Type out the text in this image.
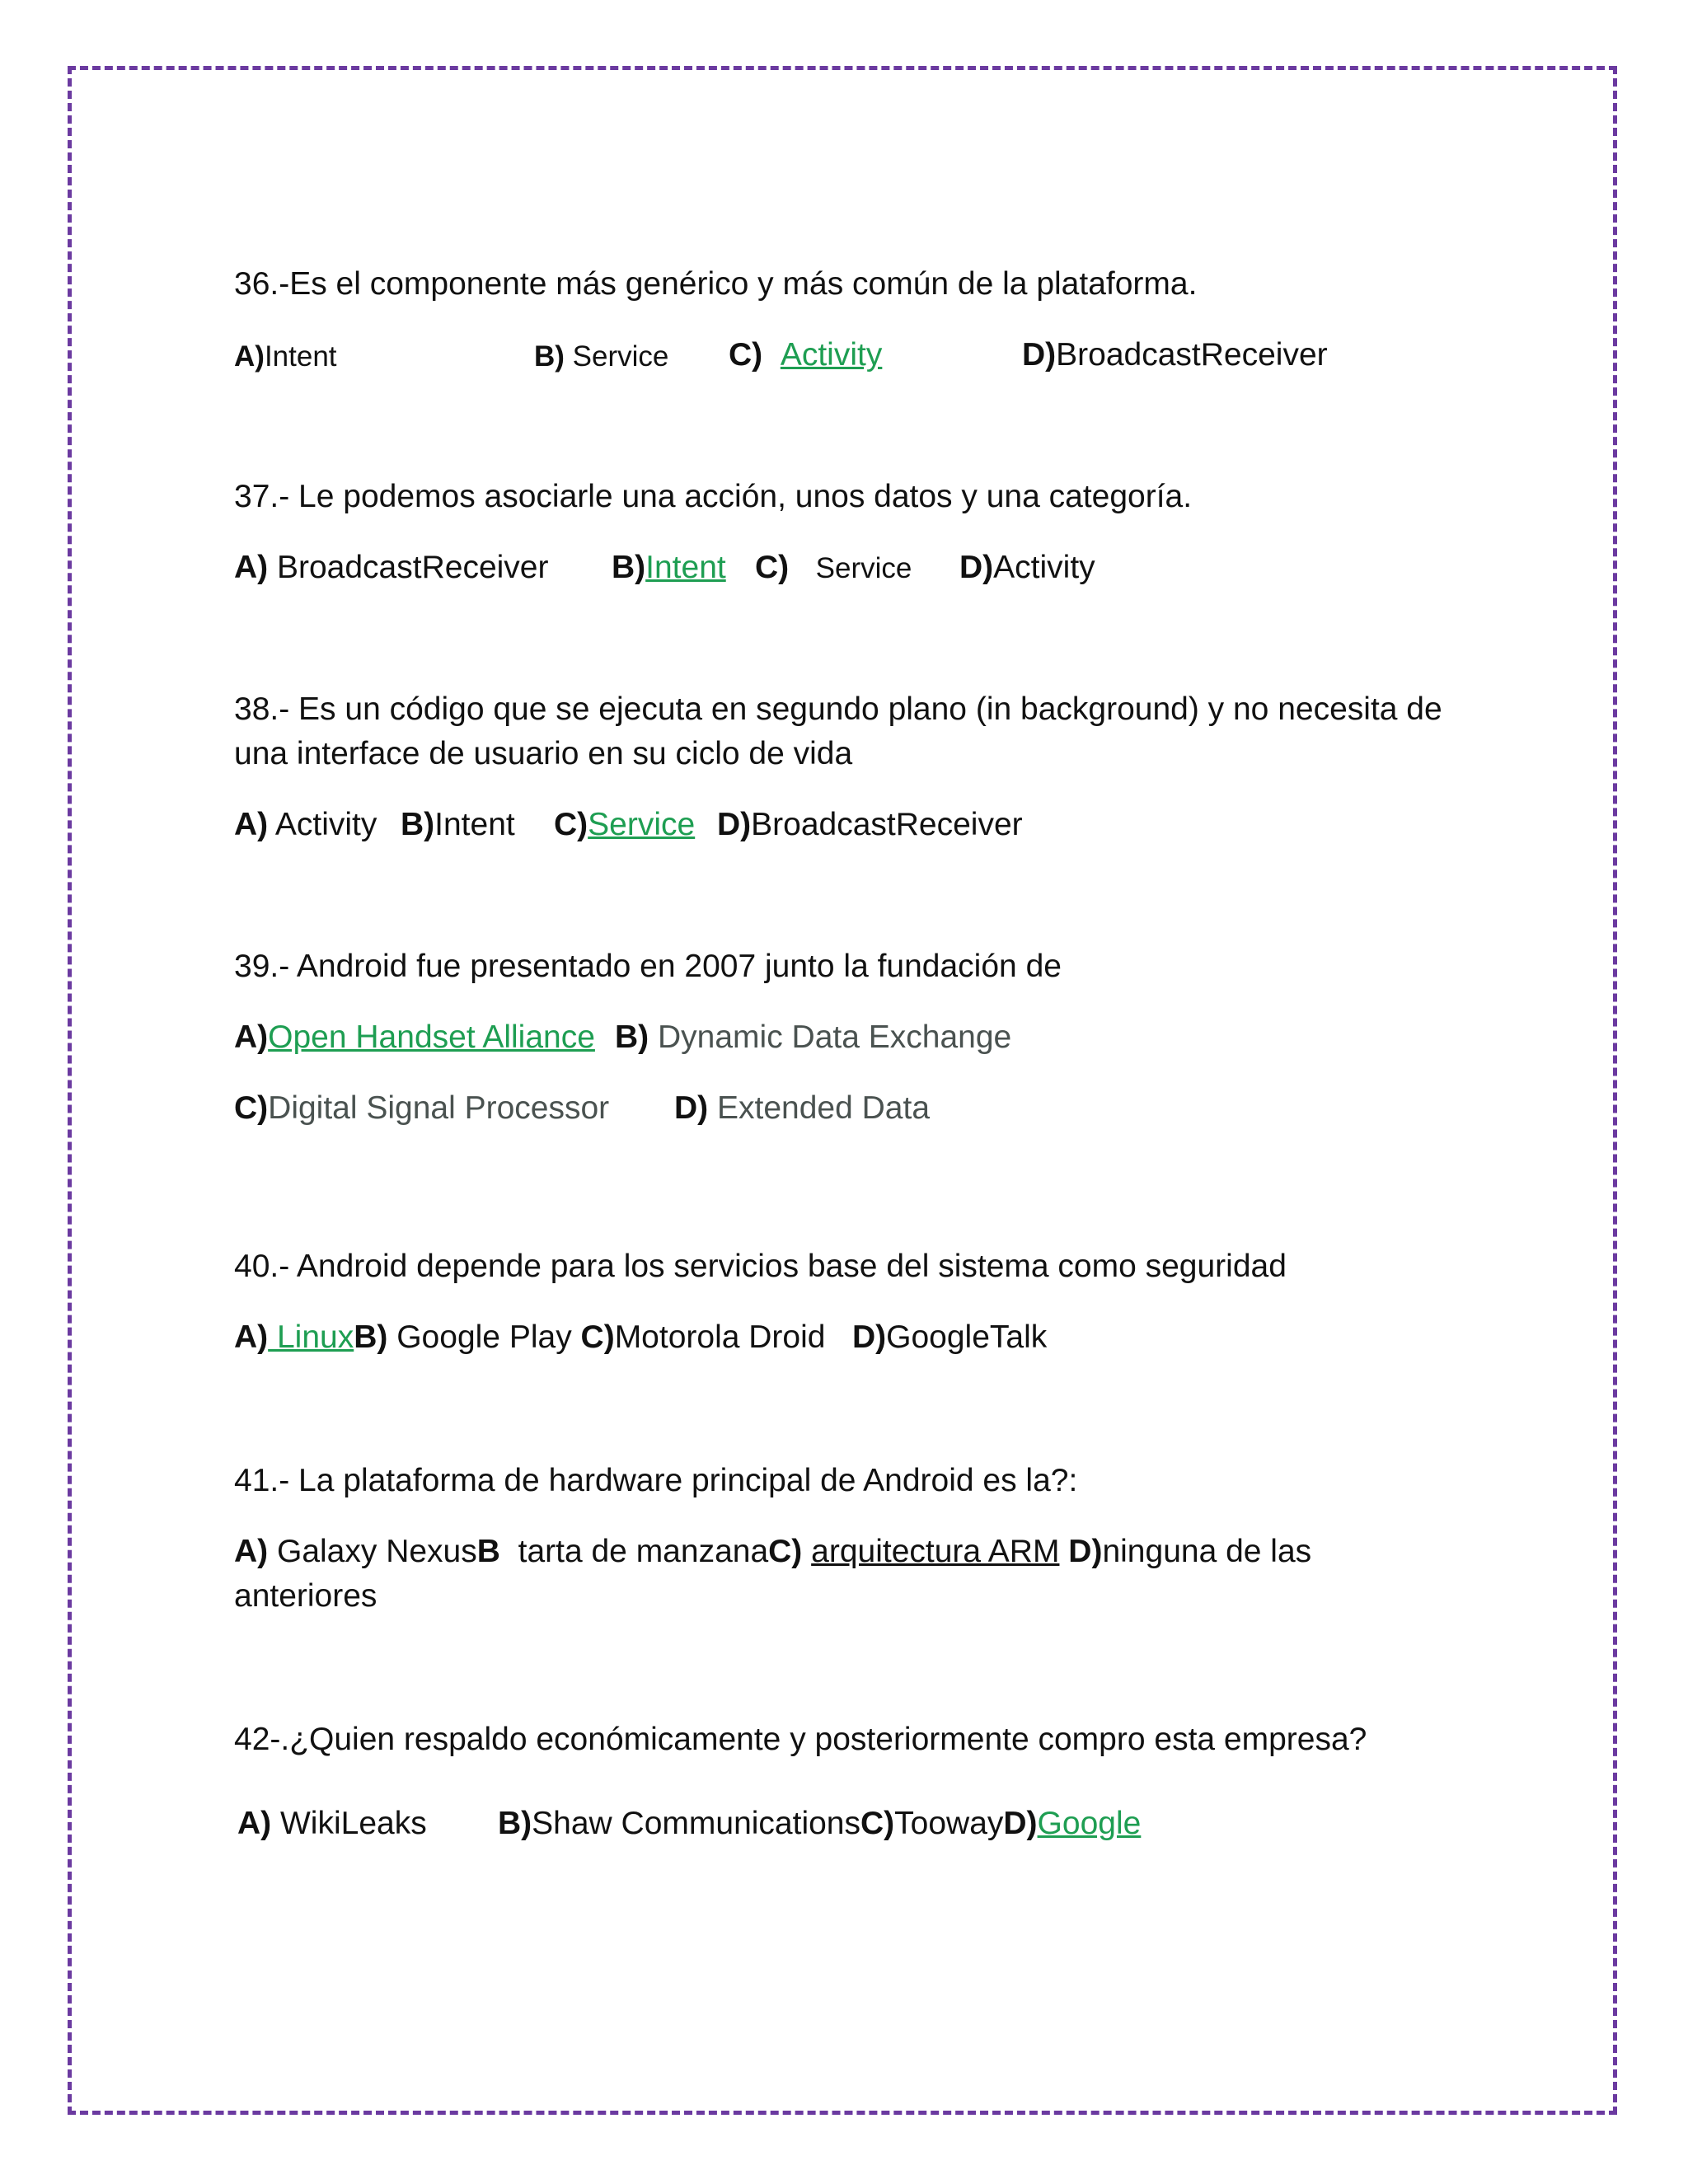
36.-Es el componente más genérico y más común de la plataforma.
A)Intent	B) Service C) Activity	D)BroadcastReceiver
37.- Le podemos asociarle una acción, unos datos y una categoría.
A) BroadcastReceiver B)Intent C) Service D)Activity
38.- Es un código que se ejecuta en segundo plano (in background) y no necesita de una interface de usuario en su ciclo de vida
A) Activity B)Intent C)Service D)BroadcastReceiver
39.- Android fue presentado en 2007 junto la fundación de
A)Open Handset Alliance B) Dynamic Data Exchange
C)Digital Signal Processor D) Extended Data
40.- Android depende para los servicios base del sistema como seguridad
A) LinuxB) Google Play C)Motorola Droid D)GoogleTalk
41.- La plataforma de hardware principal de Android es la?:
A) Galaxy NexusB  tarta de manzanaC) arquitectura ARM D)ninguna de las anteriores
42-.¿Quien respaldo económicamente y posteriormente compro esta empresa?
A) WikiLeaks B)Shaw CommunicationsC)ToowayD)Google
